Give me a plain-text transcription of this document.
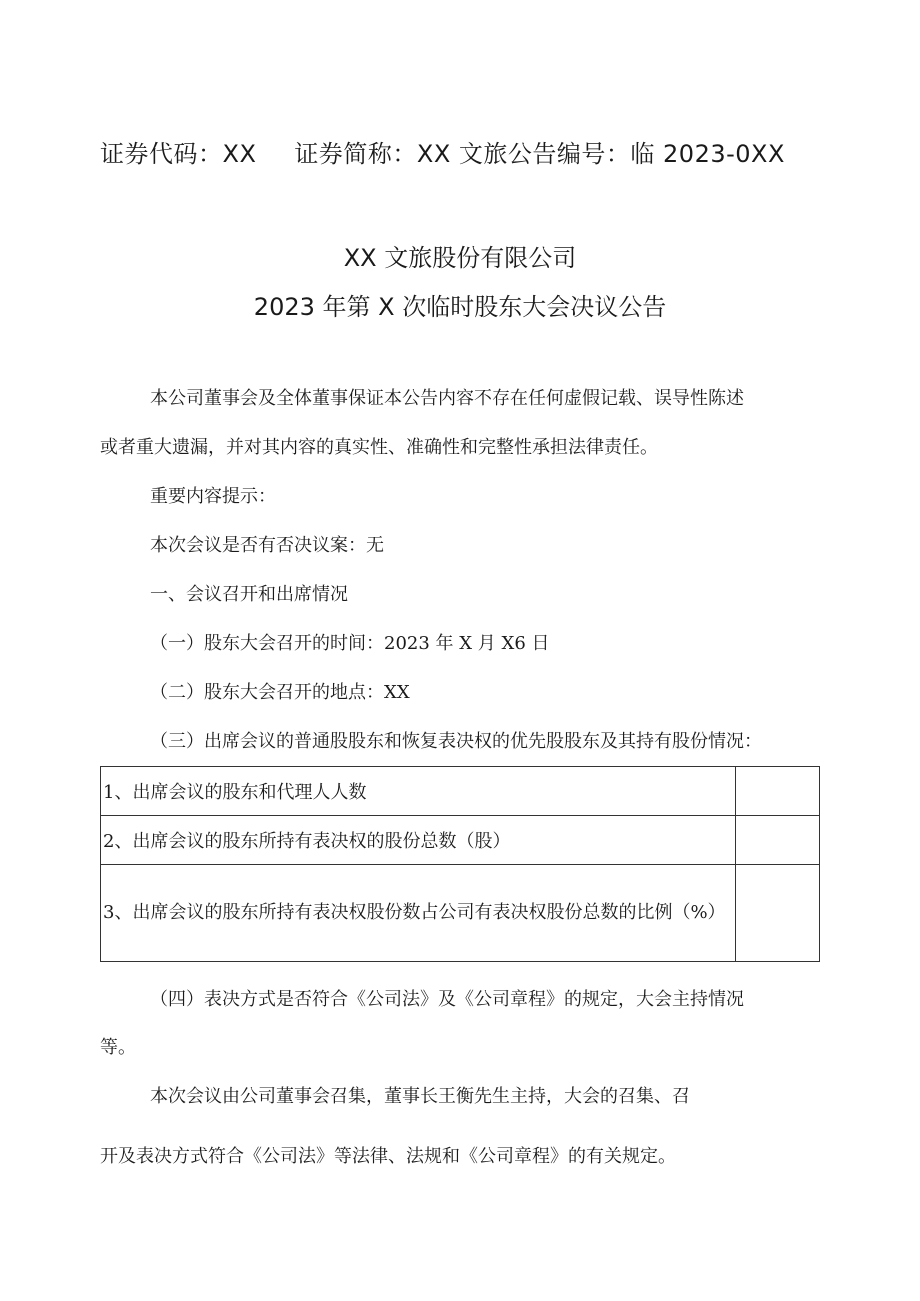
证券代码：XX 证券简称：XX 文旅公告编号：临 2023-0XX
XX 文旅股份有限公司
2023 年第 X 次临时股东大会决议公告
本公司董事会及全体董事保证本公告内容不存在任何虚假记载、误导性陈述
或者重大遗漏，并对其内容的真实性、准确性和完整性承担法律责任。
重要内容提示：
本次会议是否有否决议案：无
一、会议召开和出席情况
（一）股东大会召开的时间：2023 年 X 月 X6 日
（二）股东大会召开的地点：XX
（三）出席会议的普通股股东和恢复表决权的优先股股东及其持有股份情况：
1、出席会议的股东和代理人人数	
2、出席会议的股东所持有表决权的股份总数（股）	
3、出席会议的股东所持有表决权股份数占公司有表决权股份总数的比例（%）	
（四）表决方式是否符合《公司法》及《公司章程》的规定，大会主持情况
等。
本次会议由公司董事会召集，董事长王衡先生主持，大会的召集、召
开及表决方式符合《公司法》等法律、法规和《公司章程》的有关规定。
